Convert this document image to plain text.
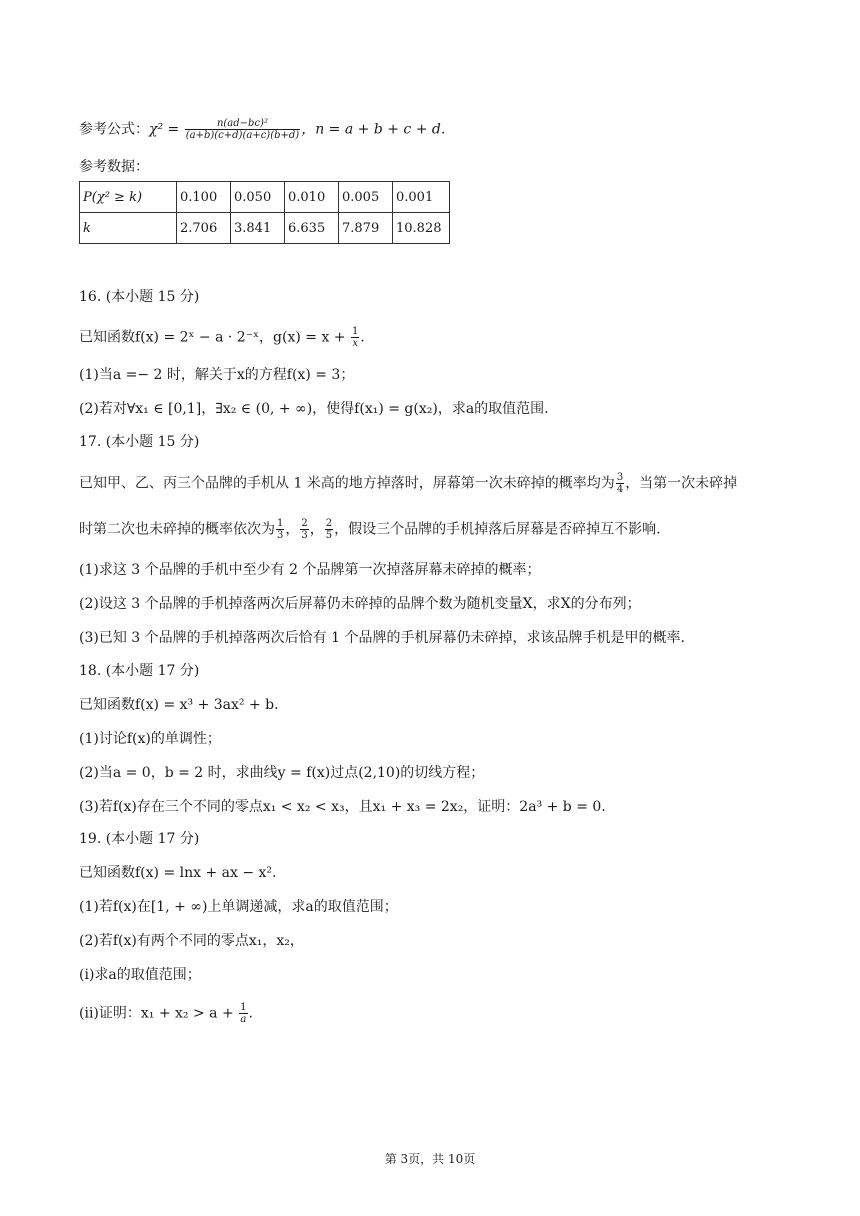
参考公式：$\chi^2 = \frac{\text{n(ad−bc)²}}{(a+b)(c+d)(a+c)(b+d)}$ ，n = a + b + c + d.
参考数据：
P(χ² ≥ k)	0.100	0.050	0.010	0.005	0.001
k	2.706	3.841	6.635	7.879	10.828
16. (本小题 15 分)
已知函数f(x) = 2ˣ − a · 2⁻ˣ，$g(x) = x + \frac{1}{x}$ .
(1)当a =− 2 时，解关于x的方程f(x) = 3；
(2)若对∀x₁ ∈ [0,1]，∃x₂ ∈ (0, + ∞)，使得f(x₁) = g(x₂)，求a的取值范围.
17. (本小题 15 分)
已知甲、乙、丙三个品牌的手机从 1 米高的地方掉落时，屏幕第一次未碎掉的概率均为 $\frac{3}{4}$ ，当第一次未碎掉
时第二次也未碎掉的概率依次为 $\frac{1}{3}$ ， $\frac{2}{3}$ ， $\frac{2}{5}$ ，假设三个品牌的手机掉落后屏幕是否碎掉互不影响.
(1)求这 3 个品牌的手机中至少有 2 个品牌第一次掉落屏幕未碎掉的概率；
(2)设这 3 个品牌的手机掉落两次后屏幕仍未碎掉的品牌个数为随机变量X，求X的分布列；
(3)已知 3 个品牌的手机掉落两次后恰有 1 个品牌的手机屏幕仍未碎掉，求该品牌手机是甲的概率.
18. (本小题 17 分)
已知函数f(x) = x³ + 3ax² + b.
(1)讨论f(x)的单调性；
(2)当a = 0，b = 2 时，求曲线y = f(x)过点(2,10)的切线方程；
(3)若f(x)存在三个不同的零点x₁ < x₂ < x₃，且x₁ + x₃ = 2x₂，证明：2a³ + b = 0.
19. (本小题 17 分)
已知函数f(x) = lnx + ax − x².
(1)若f(x)在[1, + ∞)上单调递减，求a的取值范围；
(2)若f(x)有两个不同的零点x₁，x₂，
(i)求a的取值范围；
(ii)证明：$x_1 + x_2 > a + \frac{1}{a}$ .
第 3页，共 10页
